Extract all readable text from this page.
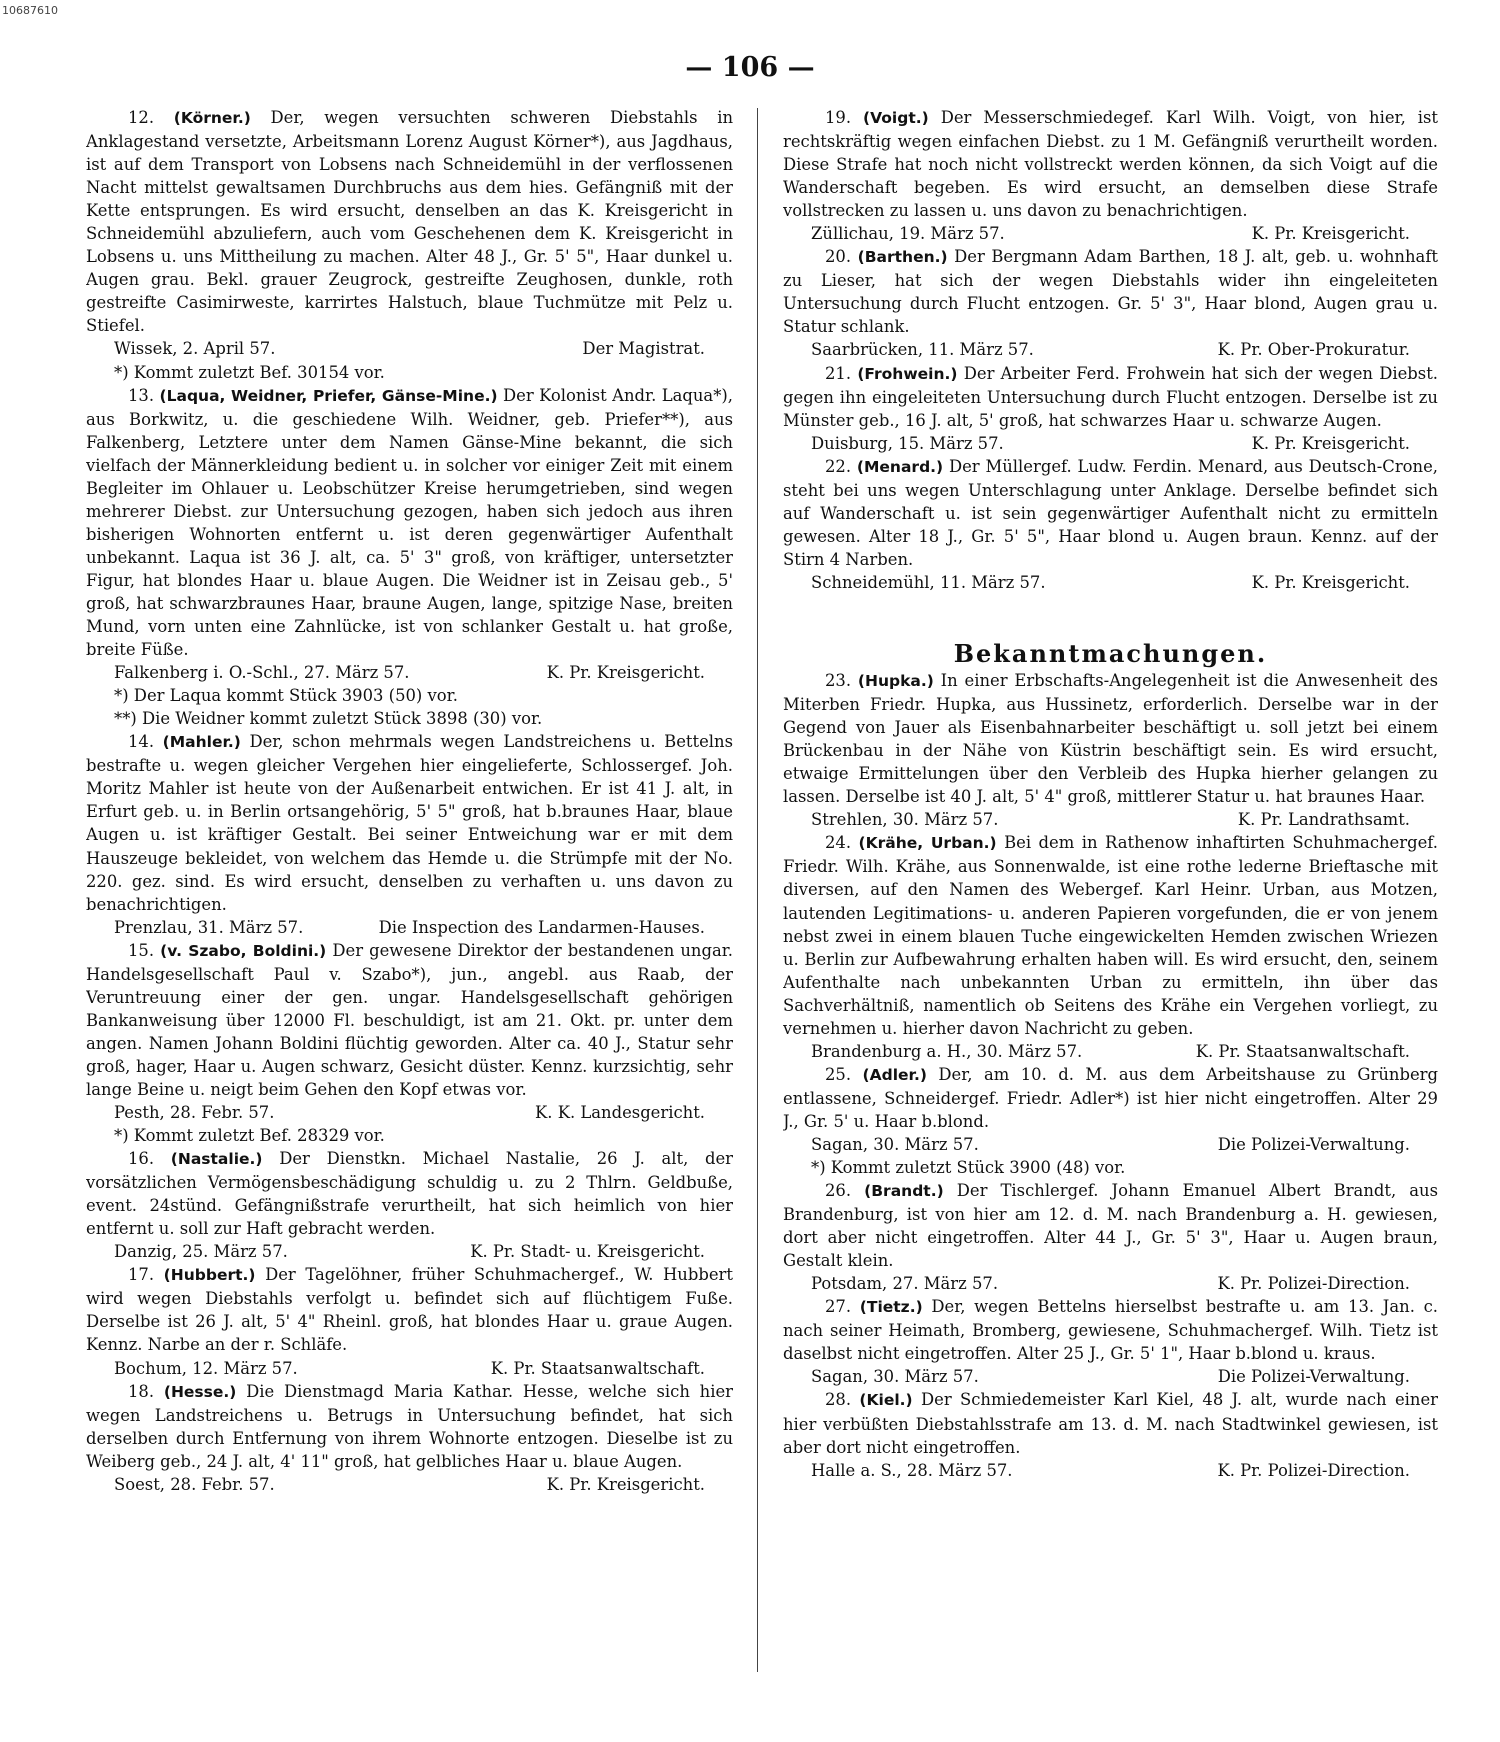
10687610
— 106 —

12. (Körner.) Der, wegen versuchten schweren Diebstahls in Anklagestand versetzte, Arbeitsmann Lorenz August Körner*), aus Jagdhaus, ist auf dem Transport von Lobsens nach Schneidemühl in der verflossenen Nacht mittelst gewaltsamen Durchbruchs aus dem hies. Gefängniß mit der Kette entsprungen. Es wird ersucht, denselben an das K. Kreisgericht in Schneidemühl abzuliefern, auch vom Geschehenen dem K. Kreisgericht in Lobsens u. uns Mittheilung zu machen. Alter 48 J., Gr. 5' 5", Haar dunkel u. Augen grau. Bekl. grauer Zeugrock, gestreifte Zeughosen, dunkle, roth gestreifte Casimirweste, karrirtes Halstuch, blaue Tuchmütze mit Pelz u. Stiefel.

Wissek, 2. April 57.	Der Magistrat.
*) Kommt zuletzt Bef. 30154 vor.

13. (Laqua, Weidner, Priefer, Gänse-Mine.) Der Kolonist Andr. Laqua*), aus Borkwitz, u. die geschiedene Wilh. Weidner, geb. Priefer**), aus Falkenberg, Letztere unter dem Namen Gänse-Mine bekannt, die sich vielfach der Männerkleidung bedient u. in solcher vor einiger Zeit mit einem Begleiter im Ohlauer u. Leobschützer Kreise herumgetrieben, sind wegen mehrerer Diebst. zur Untersuchung gezogen, haben sich jedoch aus ihren bisherigen Wohnorten entfernt u. ist deren gegenwärtiger Aufenthalt unbekannt. Laqua ist 36 J. alt, ca. 5' 3" groß, von kräftiger, untersetzter Figur, hat blondes Haar u. blaue Augen. Die Weidner ist in Zeisau geb., 5' groß, hat schwarzbraunes Haar, braune Augen, lange, spitzige Nase, breiten Mund, vorn unten eine Zahnlücke, ist von schlanker Gestalt u. hat große, breite Füße.

Falkenberg i. O.-Schl., 27. März 57.	K. Pr. Kreisgericht.
*) Der Laqua kommt Stück 3903 (50) vor.
**) Die Weidner kommt zuletzt Stück 3898 (30) vor.

14. (Mahler.) Der, schon mehrmals wegen Landstreichens u. Bettelns bestrafte u. wegen gleicher Vergehen hier eingelieferte, Schlossergef. Joh. Moritz Mahler ist heute von der Außenarbeit entwichen. Er ist 41 J. alt, in Erfurt geb. u. in Berlin ortsangehörig, 5' 5" groß, hat b.braunes Haar, blaue Augen u. ist kräftiger Gestalt. Bei seiner Entweichung war er mit dem Hauszeuge bekleidet, von welchem das Hemde u. die Strümpfe mit der No. 220. gez. sind. Es wird ersucht, denselben zu verhaften u. uns davon zu benachrichtigen.

Prenzlau, 31. März 57.	Die Inspection des Landarmen-Hauses.

15. (v. Szabo, Boldini.) Der gewesene Direktor der bestandenen ungar. Handelsgesellschaft Paul v. Szabo*), jun., angebl. aus Raab, der Veruntreuung einer der gen. ungar. Handelsgesellschaft gehörigen Bankanweisung über 12000 Fl. beschuldigt, ist am 21. Okt. pr. unter dem angen. Namen Johann Boldini flüchtig geworden. Alter ca. 40 J., Statur sehr groß, hager, Haar u. Augen schwarz, Gesicht düster. Kennz. kurzsichtig, sehr lange Beine u. neigt beim Gehen den Kopf etwas vor.

Pesth, 28. Febr. 57.	K. K. Landesgericht.
*) Kommt zuletzt Bef. 28329 vor.

16. (Nastalie.) Der Dienstkn. Michael Nastalie, 26 J. alt, der vorsätzlichen Vermögensbeschädigung schuldig u. zu 2 Thlrn. Geldbuße, event. 24stünd. Gefängnißstrafe verurtheilt, hat sich heimlich von hier entfernt u. soll zur Haft gebracht werden.

Danzig, 25. März 57.	K. Pr. Stadt- u. Kreisgericht.

17. (Hubbert.) Der Tagelöhner, früher Schuhmachergef., W. Hubbert wird wegen Diebstahls verfolgt u. befindet sich auf flüchtigem Fuße. Derselbe ist 26 J. alt, 5' 4" Rheinl. groß, hat blondes Haar u. graue Augen. Kennz. Narbe an der r. Schläfe.

Bochum, 12. März 57.	K. Pr. Staatsanwaltschaft.

18. (Hesse.) Die Dienstmagd Maria Kathar. Hesse, welche sich hier wegen Landstreichens u. Betrugs in Untersuchung befindet, hat sich derselben durch Entfernung von ihrem Wohnorte entzogen. Dieselbe ist zu Weiberg geb., 24 J. alt, 4' 11" groß, hat gelbliches Haar u. blaue Augen.

Soest, 28. Febr. 57.	K. Pr. Kreisgericht.

19. (Voigt.) Der Messerschmiedegef. Karl Wilh. Voigt, von hier, ist rechtskräftig wegen einfachen Diebst. zu 1 M. Gefängniß verurtheilt worden. Diese Strafe hat noch nicht vollstreckt werden können, da sich Voigt auf die Wanderschaft begeben. Es wird ersucht, an demselben diese Strafe vollstrecken zu lassen u. uns davon zu benachrichtigen.

Züllichau, 19. März 57.	K. Pr. Kreisgericht.

20. (Barthen.) Der Bergmann Adam Barthen, 18 J. alt, geb. u. wohnhaft zu Lieser, hat sich der wegen Diebstahls wider ihn eingeleiteten Untersuchung durch Flucht entzogen. Gr. 5' 3", Haar blond, Augen grau u. Statur schlank.

Saarbrücken, 11. März 57.	K. Pr. Ober-Prokuratur.

21. (Frohwein.) Der Arbeiter Ferd. Frohwein hat sich der wegen Diebst. gegen ihn eingeleiteten Untersuchung durch Flucht entzogen. Derselbe ist zu Münster geb., 16 J. alt, 5' groß, hat schwarzes Haar u. schwarze Augen.

Duisburg, 15. März 57.	K. Pr. Kreisgericht.

22. (Menard.) Der Müllergef. Ludw. Ferdin. Menard, aus Deutsch-Crone, steht bei uns wegen Unterschlagung unter Anklage. Derselbe befindet sich auf Wanderschaft u. ist sein gegenwärtiger Aufenthalt nicht zu ermitteln gewesen. Alter 18 J., Gr. 5' 5", Haar blond u. Augen braun. Kennz. auf der Stirn 4 Narben.

Schneidemühl, 11. März 57.	K. Pr. Kreisgericht.
Bekanntmachungen.

23. (Hupka.) In einer Erbschafts-Angelegenheit ist die Anwesenheit des Miterben Friedr. Hupka, aus Hussinetz, erforderlich. Derselbe war in der Gegend von Jauer als Eisenbahnarbeiter beschäftigt u. soll jetzt bei einem Brückenbau in der Nähe von Küstrin beschäftigt sein. Es wird ersucht, etwaige Ermittelungen über den Verbleib des Hupka hierher gelangen zu lassen. Derselbe ist 40 J. alt, 5' 4" groß, mittlerer Statur u. hat braunes Haar.

Strehlen, 30. März 57.	K. Pr. Landrathsamt.

24. (Krähe, Urban.) Bei dem in Rathenow inhaftirten Schuhmachergef. Friedr. Wilh. Krähe, aus Sonnenwalde, ist eine rothe lederne Brieftasche mit diversen, auf den Namen des Webergef. Karl Heinr. Urban, aus Motzen, lautenden Legitimations- u. anderen Papieren vorgefunden, die er von jenem nebst zwei in einem blauen Tuche eingewickelten Hemden zwischen Wriezen u. Berlin zur Aufbewahrung erhalten haben will. Es wird ersucht, den, seinem Aufenthalte nach unbekannten Urban zu ermitteln, ihn über das Sachverhältniß, namentlich ob Seitens des Krähe ein Vergehen vorliegt, zu vernehmen u. hierher davon Nachricht zu geben.

Brandenburg a. H., 30. März 57.	K. Pr. Staatsanwaltschaft.

25. (Adler.) Der, am 10. d. M. aus dem Arbeitshause zu Grünberg entlassene, Schneidergef. Friedr. Adler*) ist hier nicht eingetroffen. Alter 29 J., Gr. 5' u. Haar b.blond.

Sagan, 30. März 57.	Die Polizei-Verwaltung.
*) Kommt zuletzt Stück 3900 (48) vor.

26. (Brandt.) Der Tischlergef. Johann Emanuel Albert Brandt, aus Brandenburg, ist von hier am 12. d. M. nach Brandenburg a. H. gewiesen, dort aber nicht eingetroffen. Alter 44 J., Gr. 5' 3", Haar u. Augen braun, Gestalt klein.

Potsdam, 27. März 57.	K. Pr. Polizei-Direction.

27. (Tietz.) Der, wegen Bettelns hierselbst bestrafte u. am 13. Jan. c. nach seiner Heimath, Bromberg, gewiesene, Schuhmachergef. Wilh. Tietz ist daselbst nicht eingetroffen. Alter 25 J., Gr. 5' 1", Haar b.blond u. kraus.

Sagan, 30. März 57.	Die Polizei-Verwaltung.

28. (Kiel.) Der Schmiedemeister Karl Kiel, 48 J. alt, wurde nach einer hier verbüßten Diebstahlsstrafe am 13. d. M. nach Stadtwinkel gewiesen, ist aber dort nicht eingetroffen.

Halle a. S., 28. März 57.	K. Pr. Polizei-Direction.
